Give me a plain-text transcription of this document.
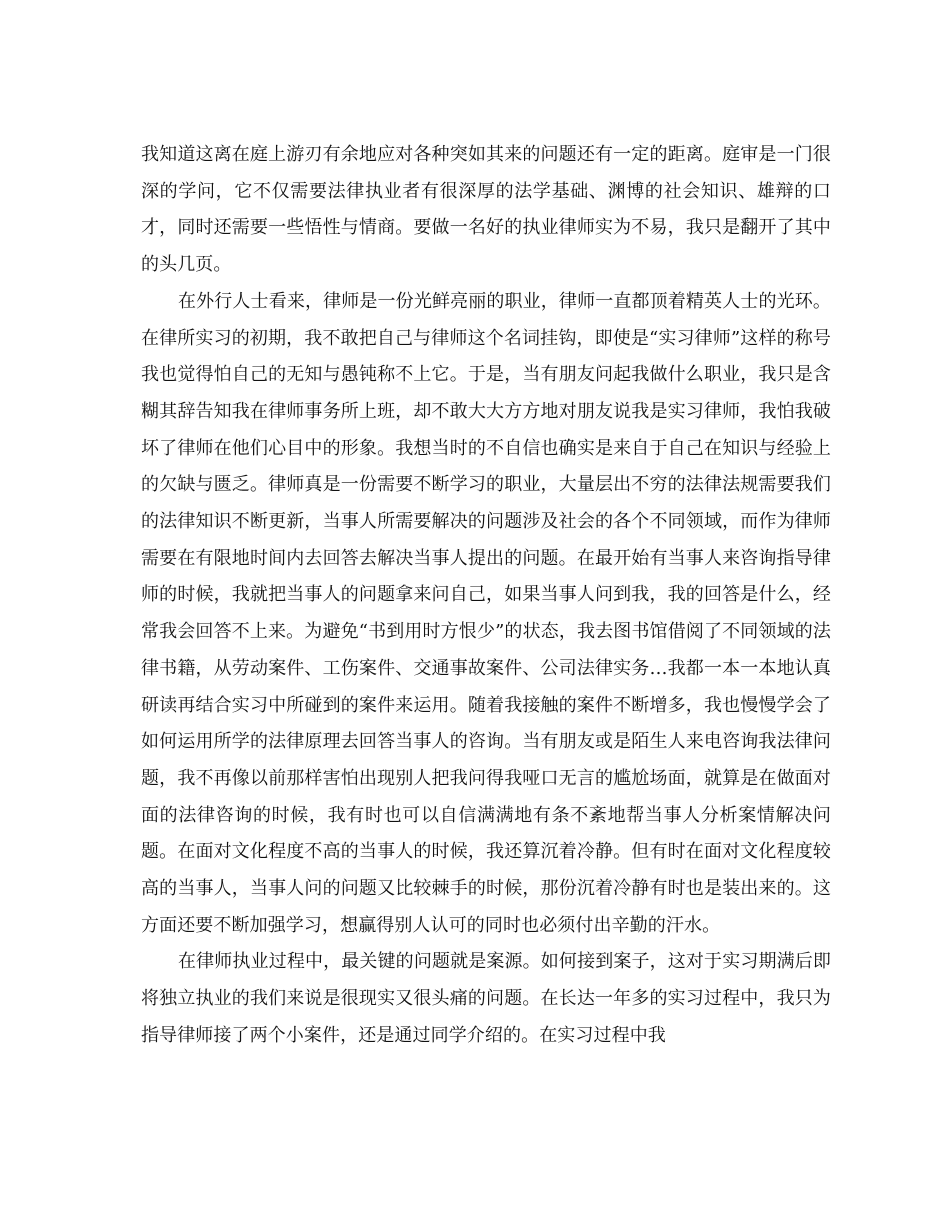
我知道这离在庭上游刃有余地应对各种突如其来的问题还有一定的距离。庭审是一门很深的学问，它不仅需要法律执业者有很深厚的法学基础、渊博的社会知识、雄辩的口才，同时还需要一些悟性与情商。要做一名好的执业律师实为不易，我只是翻开了其中的头几页。

在外行人士看来，律师是一份光鲜亮丽的职业，律师一直都顶着精英人士的光环。在律所实习的初期，我不敢把自己与律师这个名词挂钩，即使是“实习律师”这样的称号我也觉得怕自己的无知与愚钝称不上它。于是，当有朋友问起我做什么职业，我只是含糊其辞告知我在律师事务所上班，却不敢大大方方地对朋友说我是实习律师，我怕我破坏了律师在他们心目中的形象。我想当时的不自信也确实是来自于自己在知识与经验上的欠缺与匮乏。律师真是一份需要不断学习的职业，大量层出不穷的法律法规需要我们的法律知识不断更新，当事人所需要解决的问题涉及社会的各个不同领域，而作为律师需要在有限地时间内去回答去解决当事人提出的问题。在最开始有当事人来咨询指导律师的时候，我就把当事人的问题拿来问自己，如果当事人问到我，我的回答是什么，经常我会回答不上来。为避免“书到用时方恨少”的状态，我去图书馆借阅了不同领域的法律书籍，从劳动案件、工伤案件、交通事故案件、公司法律实务…我都一本一本地认真研读再结合实习中所碰到的案件来运用。随着我接触的案件不断增多，我也慢慢学会了如何运用所学的法律原理去回答当事人的咨询。当有朋友或是陌生人来电咨询我法律问题，我不再像以前那样害怕出现别人把我问得我哑口无言的尴尬场面，就算是在做面对面的法律咨询的时候，我有时也可以自信满满地有条不紊地帮当事人分析案情解决问题。在面对文化程度不高的当事人的时候，我还算沉着冷静。但有时在面对文化程度较高的当事人，当事人问的问题又比较棘手的时候，那份沉着冷静有时也是装出来的。这方面还要不断加强学习，想赢得别人认可的同时也必须付出辛勤的汗水。

在律师执业过程中，最关键的问题就是案源。如何接到案子，这对于实习期满后即将独立执业的我们来说是很现实又很头痛的问题。在长达一年多的实习过程中，我只为指导律师接了两个小案件，还是通过同学介绍的。在实习过程中我
